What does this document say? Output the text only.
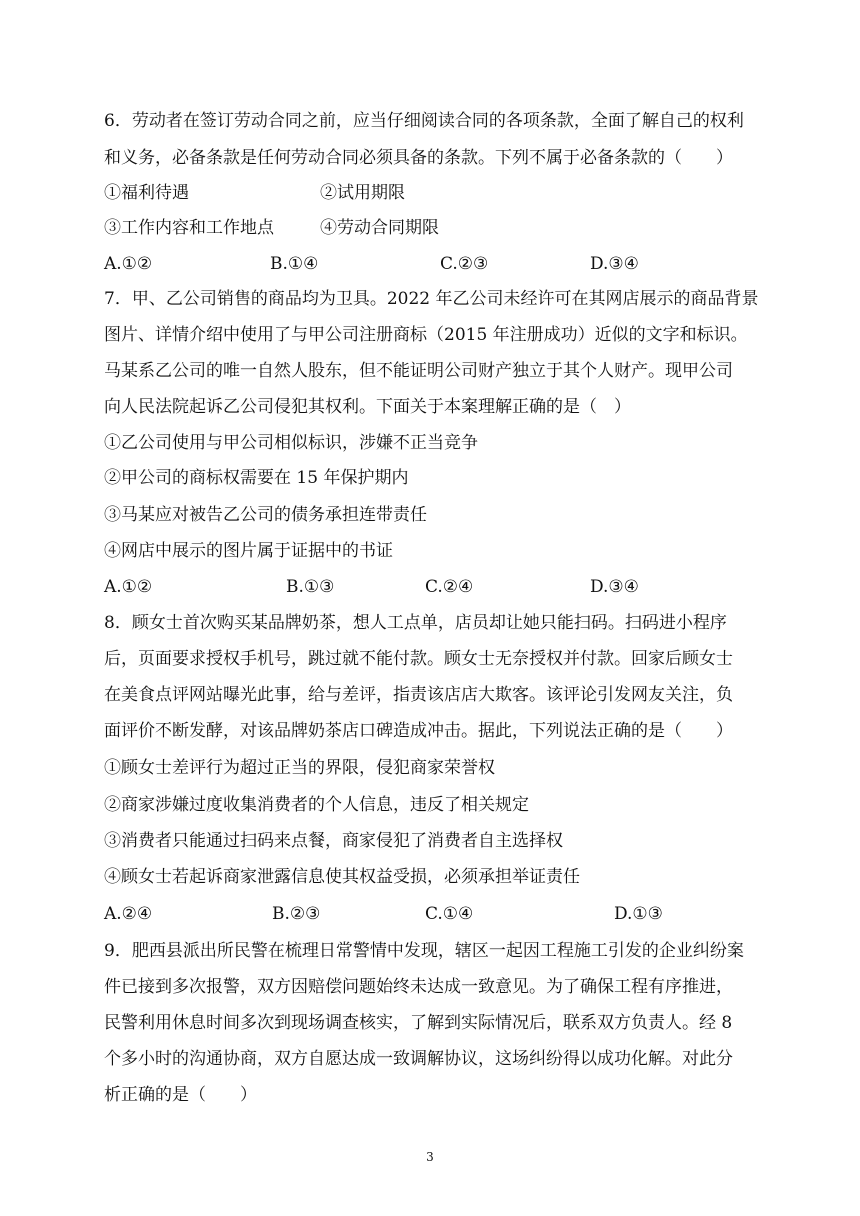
6．劳动者在签订劳动合同之前，应当仔细阅读合同的各项条款，全面了解自己的权利
和义务，必备条款是任何劳动合同必须具备的条款。下列不属于必备条款的（　　）
①福利待遇	②试用期限
③工作内容和工作地点	④劳动合同期限
A.①②	B.①④	C.②③	D.③④
7．甲、乙公司销售的商品均为卫具。2022 年乙公司未经许可在其网店展示的商品背景
图片、详情介绍中使用了与甲公司注册商标（2015 年注册成功）近似的文字和标识。
马某系乙公司的唯一自然人股东，但不能证明公司财产独立于其个人财产。现甲公司
向人民法院起诉乙公司侵犯其权利。下面关于本案理解正确的是（　）
①乙公司使用与甲公司相似标识，涉嫌不正当竞争
②甲公司的商标权需要在 15 年保护期内
③马某应对被告乙公司的债务承担连带责任
④网店中展示的图片属于证据中的书证
A.①②	B.①③	C.②④	D.③④
8．顾女士首次购买某品牌奶茶，想人工点单，店员却让她只能扫码。扫码进小程序
后，页面要求授权手机号，跳过就不能付款。顾女士无奈授权并付款。回家后顾女士
在美食点评网站曝光此事，给与差评，指责该店店大欺客。该评论引发网友关注，负
面评价不断发酵，对该品牌奶茶店口碑造成冲击。据此，下列说法正确的是（　　）
①顾女士差评行为超过正当的界限，侵犯商家荣誉权
②商家涉嫌过度收集消费者的个人信息，违反了相关规定
③消费者只能通过扫码来点餐，商家侵犯了消费者自主选择权
④顾女士若起诉商家泄露信息使其权益受损，必须承担举证责任
A.②④	B.②③	C.①④	D.①③
9．肥西县派出所民警在梳理日常警情中发现，辖区一起因工程施工引发的企业纠纷案
件已接到多次报警，双方因赔偿问题始终未达成一致意见。为了确保工程有序推进，
民警利用休息时间多次到现场调查核实，了解到实际情况后，联系双方负责人。经 8
个多小时的沟通协商，双方自愿达成一致调解协议，这场纠纷得以成功化解。对此分
析正确的是（　　）
3
